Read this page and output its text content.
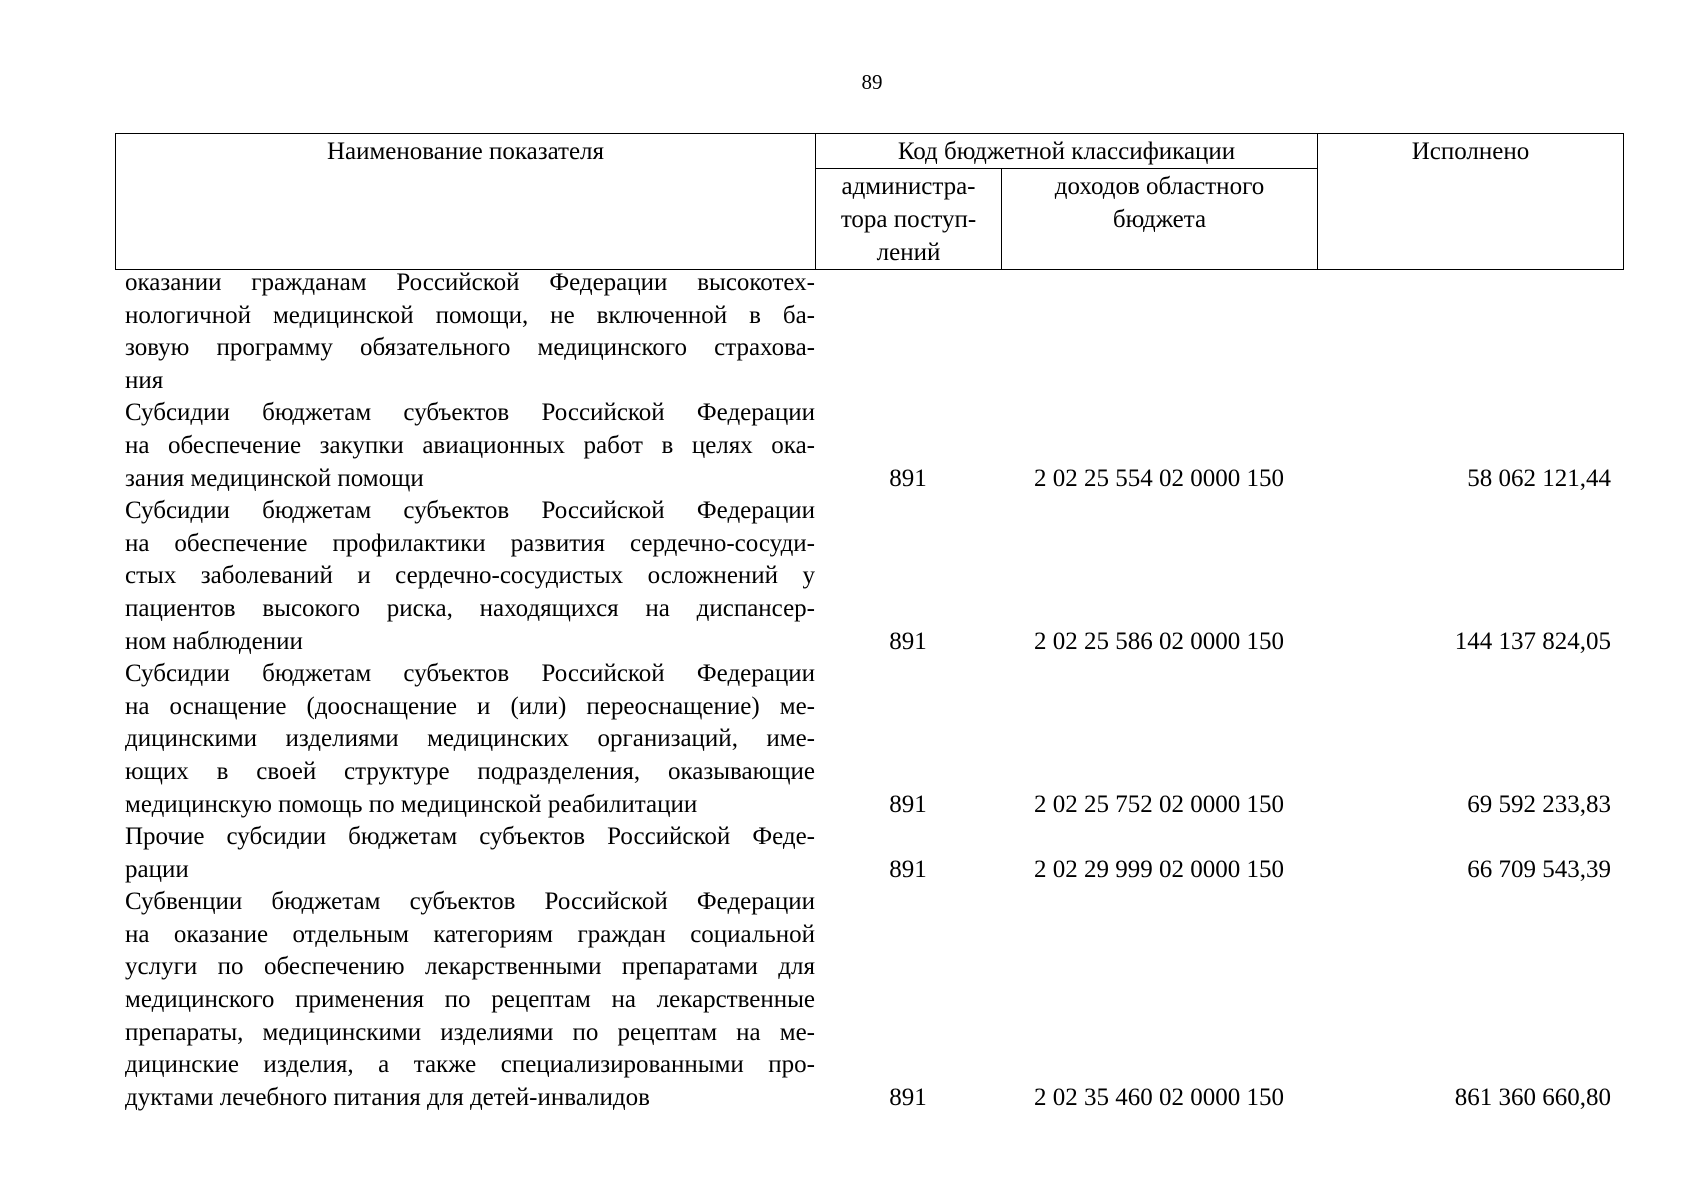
89
Наименование показателя	Код бюджетной классификации		Исполнено

	администра-
тора поступ-
лений	доходов областного
бюджета	
оказании гражданам Российской Федерации высокотех-
нологичной медицинской помощи, не включенной в ба-
зовую программу обязательного медицинского страхова-
ния
Субсидии бюджетам субъектов Российской Федерации
на обеспечение закупки авиационных работ в целях ока-
зания медицинской помощи	891	2 02 25 554 02 0000 150	58 062 121,44
Субсидии бюджетам субъектов Российской Федерации
на обеспечение профилактики развития сердечно-сосуди-
стых заболеваний и сердечно-сосудистых осложнений у
пациентов высокого риска, находящихся на диспансер-
ном наблюдении	891	2 02 25 586 02 0000 150	144 137 824,05
Субсидии бюджетам субъектов Российской Федерации
на оснащение (дооснащение и (или) переоснащение) ме-
дицинскими изделиями медицинских организаций, име-
ющих в своей структуре подразделения, оказывающие
медицинскую помощь по медицинской реабилитации	891	2 02 25 752 02 0000 150	69 592 233,83
Прочие субсидии бюджетам субъектов Российской Феде-
рации	891	2 02 29 999 02 0000 150	66 709 543,39
Субвенции бюджетам субъектов Российской Федерации
на оказание отдельным категориям граждан социальной
услуги по обеспечению лекарственными препаратами для
медицинского применения по рецептам на лекарственные
препараты, медицинскими изделиями по рецептам на ме-
дицинские изделия, а также специализированными про-
дуктами лечебного питания для детей-инвалидов	891	2 02 35 460 02 0000 150	861 360 660,80
